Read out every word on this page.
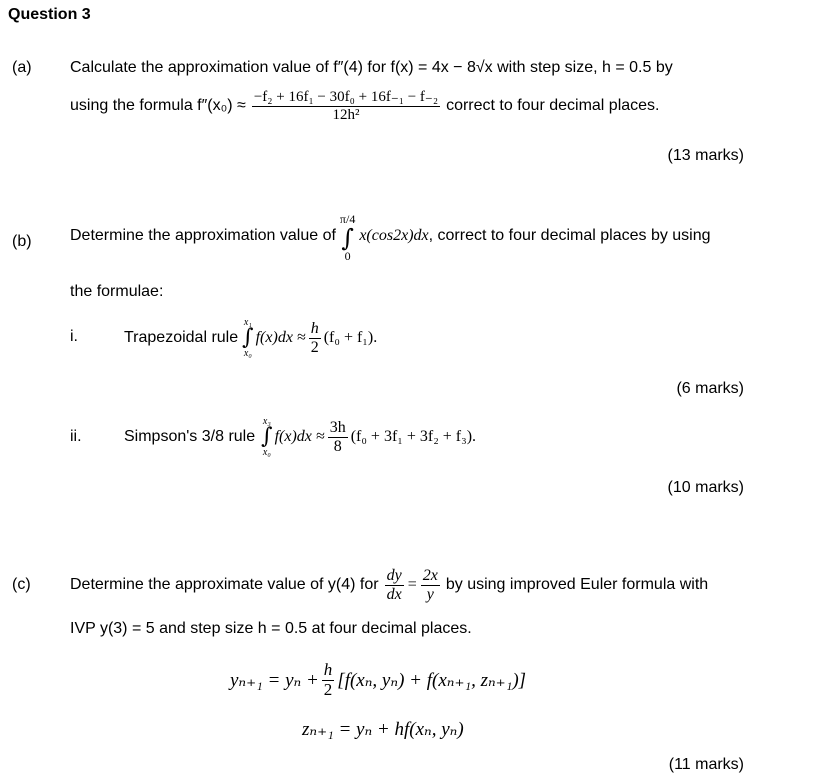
Question 3
(a) Calculate the approximation value of f″(4) for f(x) = 4x − 8√x with step size, h = 0.5 by
using the formula $f''(x_0) \approx \frac{\text{−f₂ + 16f₁ − 30f₀ + 16f₋₁ − f₋₂}}{\text{12h²}}$ correct to four decimal places.
(13 marks)
(b) Determine the approximation value of
π/4
∫
0
x(cos2x)dx , correct to four decimal places by using
the formulae:
i.	Trapezoidal rule
x₁
∫
x₀
$f(x)dx \approx \frac{h}{2} (f_0 + f_1)$.
(6 marks)
ii.	Simpson's 3/8 rule
x₃
∫
x₀
$f(x)dx \approx \frac{3h}{8} (f_0 + 3f_1 + 3f_2 + f_3)$.
(10 marks)
(c) Determine the approximate value of y(4) for $\frac{dy}{dx} = \frac{2x}{y}$ by using improved Euler formula with
IVP y(3) = 5 and step size h = 0.5 at four decimal places.
$y_{n+1} = y_n + \frac{h}{2} [f(x_n$, yₙ) + f(xₙ₊₁, zₙ₊₁)]
zₙ₊₁ = yₙ + hf(xₙ, yₙ)
(11 marks)
